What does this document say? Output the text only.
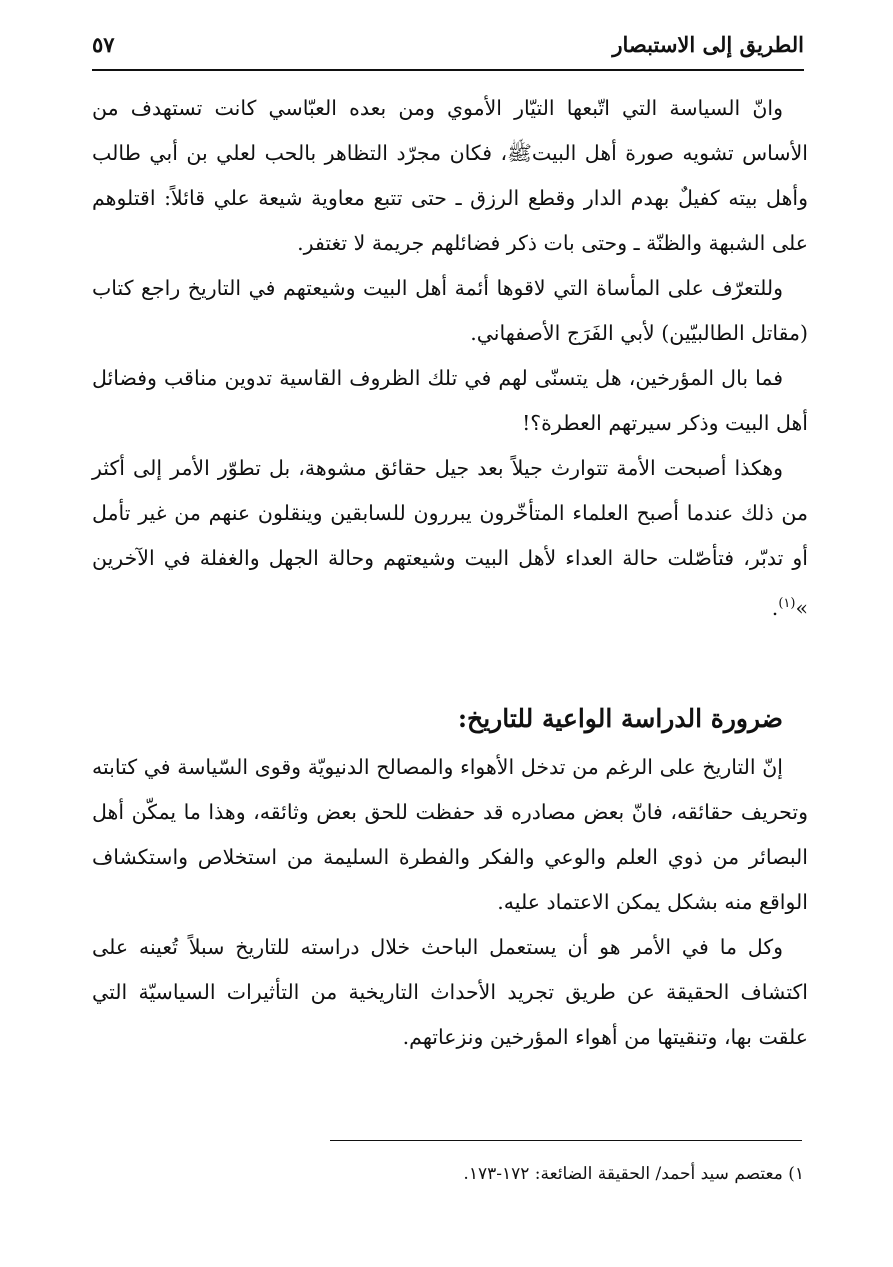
الطريق إلى الاستبصار
٥٧

وانّ السياسة التي اتّبعها التيّار الأموي ومن بعده العبّاسي كانت تستهدف من الأساس تشويه صورة أهل البيتﷺ، فكان مجرّد التظاهر بالحب لعلي بن أبي طالب وأهل بيته كفيلٌ بهدم الدار وقطع الرزق ـ حتى تتبع معاوية شيعة علي قائلاً: اقتلوهم على الشبهة والظنّة ـ وحتى بات ذكر فضائلهم جريمة لا تغتفر.

وللتعرّف على المأساة التي لاقوها أئمة أهل البيت وشيعتهم في التاريخ راجع كتاب (مقاتل الطالبيّين) لأبي الفَرَج الأصفهاني.

فما بال المؤرخين، هل يتسنّى لهم في تلك الظروف القاسية تدوين مناقب وفضائل أهل البيت وذكر سيرتهم العطرة؟!

وهكذا أصبحت الأمة تتوارث جيلاً بعد جيل حقائق مشوهة، بل تطوّر الأمر إلى أكثر من ذلك عندما أصبح العلماء المتأخّرون يبررون للسابقين وينقلون عنهم من غير تأمل أو تدبّر، فتأصّلت حالة العداء لأهل البيت وشيعتهم وحالة الجهل والغفلة في الآخرين »$^{(١)}$.

ضرورة الدراسة الواعية للتاريخ:

إنّ التاريخ على الرغم من تدخل الأهواء والمصالح الدنيويّة وقوى السّياسة في كتابته وتحريف حقائقه، فانّ بعض مصادره قد حفظت للحق بعض وثائقه، وهذا ما يمكّن أهل البصائر من ذوي العلم والوعي والفكر والفطرة السليمة من استخلاص واستكشاف الواقع منه بشكل يمكن الاعتماد عليه.

وكل ما في الأمر هو أن يستعمل الباحث خلال دراسته للتاريخ سبلاً تُعينه على اكتشاف الحقيقة عن طريق تجريد الأحداث التاريخية من التأثيرات السياسيّة التي علقت بها، وتنقيتها من أهواء المؤرخين ونزعاتهم.

١) معتصم سيد أحمد/ الحقيقة الضائعة: ١٧٢-١٧٣.
